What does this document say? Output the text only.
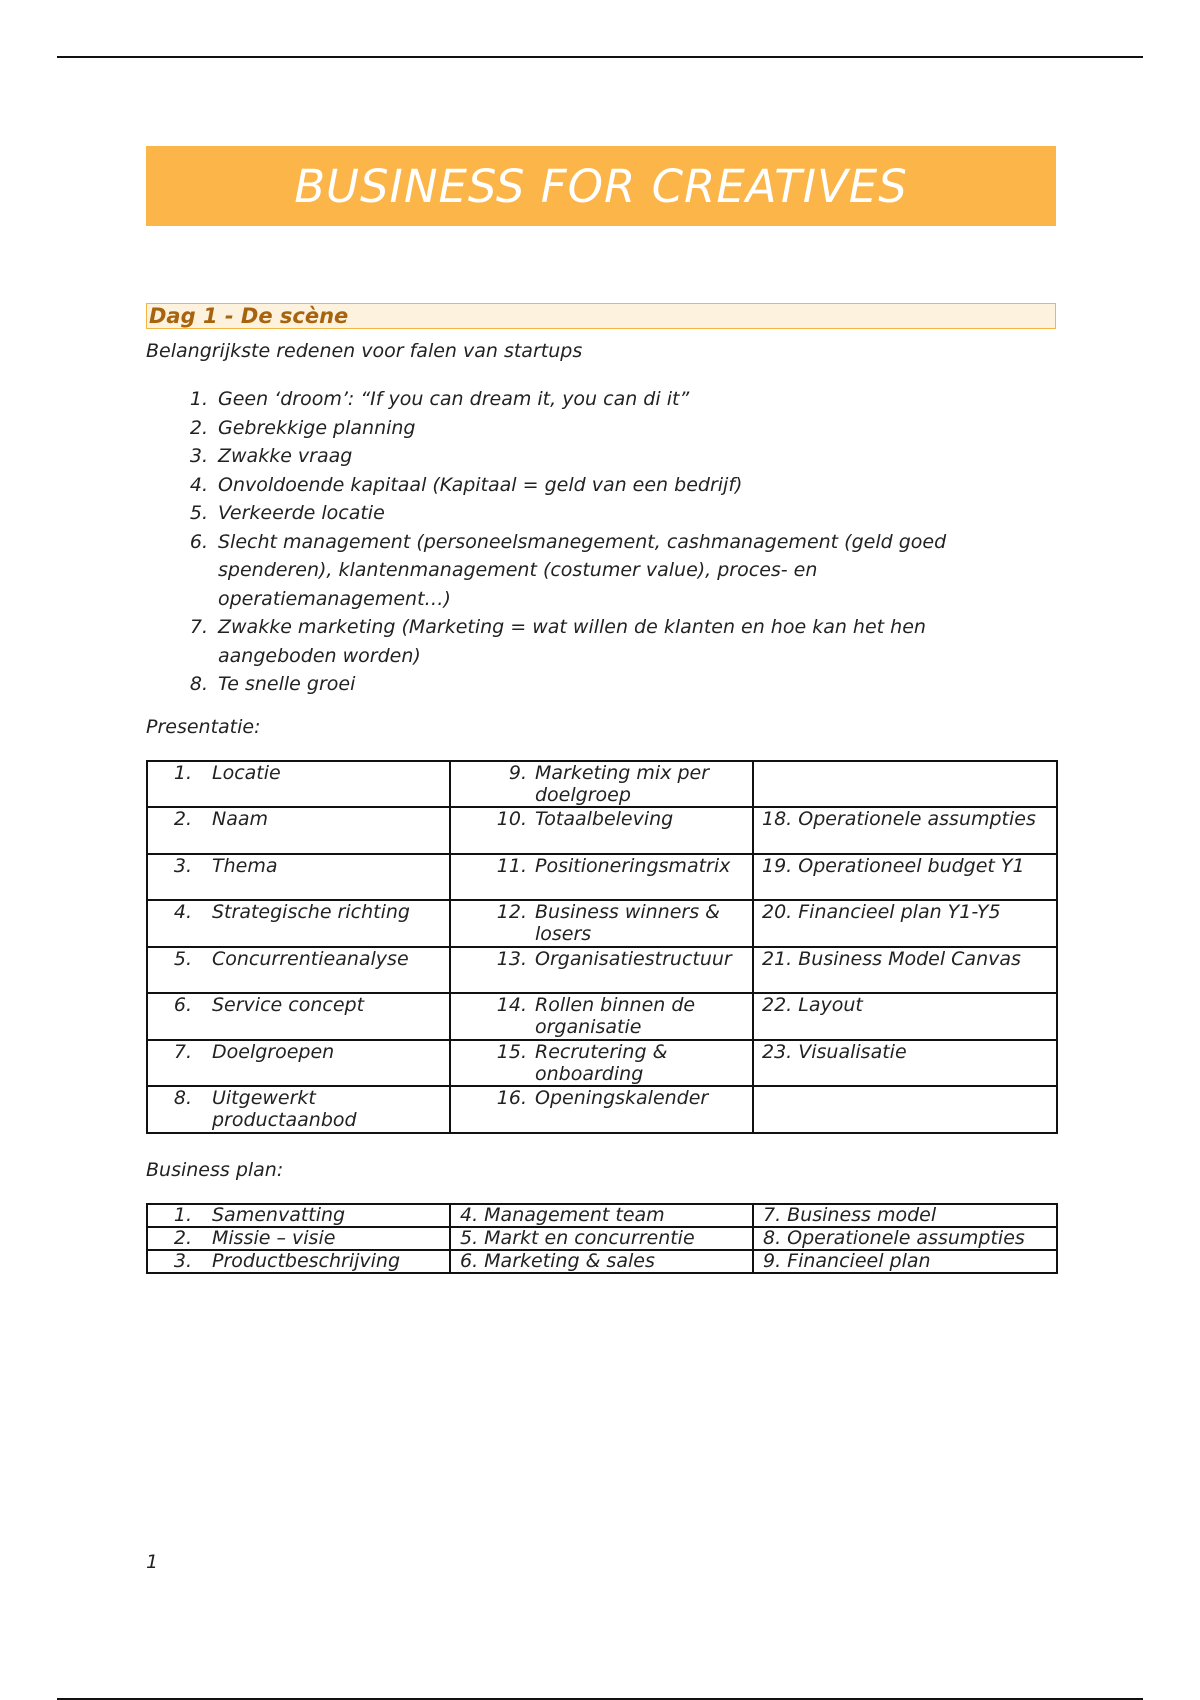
BUSINESS FOR CREATIVES
Dag 1 - De scène
Belangrijkste redenen voor falen van startups
1. Geen ‘droom’: “If you can dream it, you can di it”
2. Gebrekkige planning
3. Zwakke vraag
4. Onvoldoende kapitaal (Kapitaal = geld van een bedrijf)
5. Verkeerde locatie
6. Slecht management (personeelsmanegement, cashmanagement (geld goed spenderen), klantenmanagement (costumer value), proces- en operatiemanagement…)
7. Zwakke marketing (Marketing = wat willen de klanten en hoe kan het hen aangeboden worden)
8. Te snelle groei
Presentatie:
1. Locatie	9. Marketing mix per doelgroep	

2. Naam	10. Totaalbeleving	18. Operationele assumpties

3. Thema	11. Positioneringsmatrix	19. Operationeel budget Y1

4. Strategische richting	12. Business winners & losers	20. Financieel plan Y1-Y5

5. Concurrentieanalyse	13. Organisatiestructuur	21. Business Model Canvas

6. Service concept	14. Rollen binnen de organisatie	22. Layout

7. Doelgroepen	15. Recrutering & onboarding	23. Visualisatie

8. Uitgewerkt productaanbod	16. Openingskalender	

Business plan:
1. Samenvatting	4. Management team	7. Business model

2. Missie – visie	5. Markt en concurrentie	8. Operationele assumpties

3. Productbeschrijving	6. Marketing & sales	9. Financieel plan
1
